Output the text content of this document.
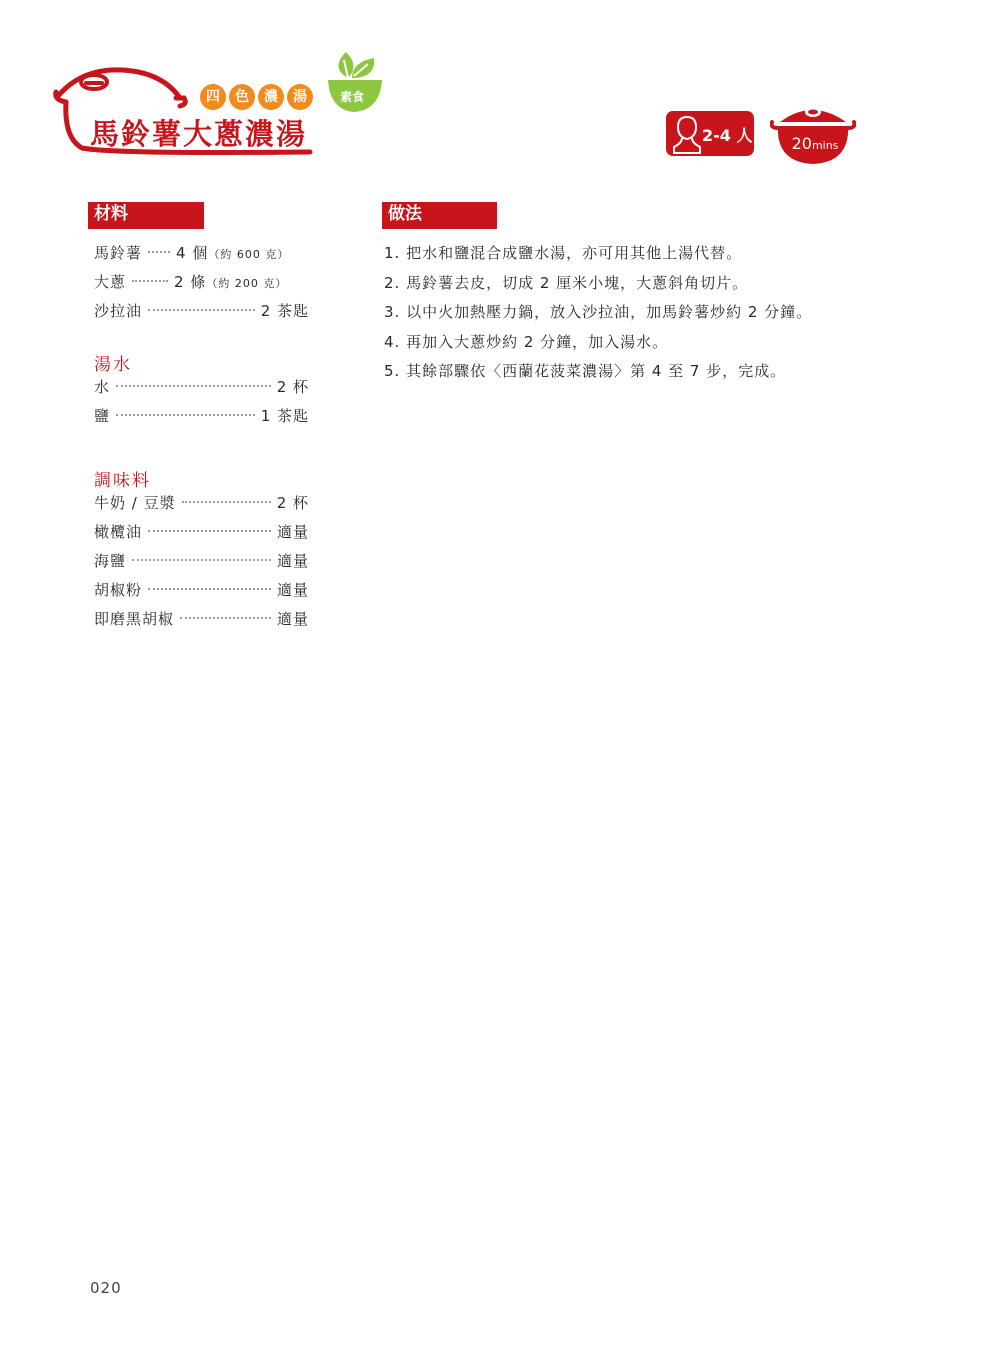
四	色	濃	湯
馬鈴薯大蔥濃湯
素食
2-4 人	20mins
材料	做法
馬鈴薯 4 個 （約 600 克）
大蔥	2 條 （約 200 克）
沙拉油	2 茶匙
湯水
水	2 杯
鹽	1 茶匙
調味料
牛奶 / 豆漿	2 杯
橄欖油	適量
海鹽	適量
胡椒粉	適量
即磨黑胡椒	適量
1. 把水和鹽混合成鹽水湯，亦可用其他上湯代替。
2. 馬鈴薯去皮，切成 2 厘米小塊，大蔥斜角切片。
3. 以中火加熱壓力鍋，放入沙拉油，加馬鈴薯炒約 2 分鐘。
4. 再加入大蔥炒約 2 分鐘，加入湯水。
5. 其餘部驟依〈西蘭花菠菜濃湯〉第 4 至 7 步，完成。
020
